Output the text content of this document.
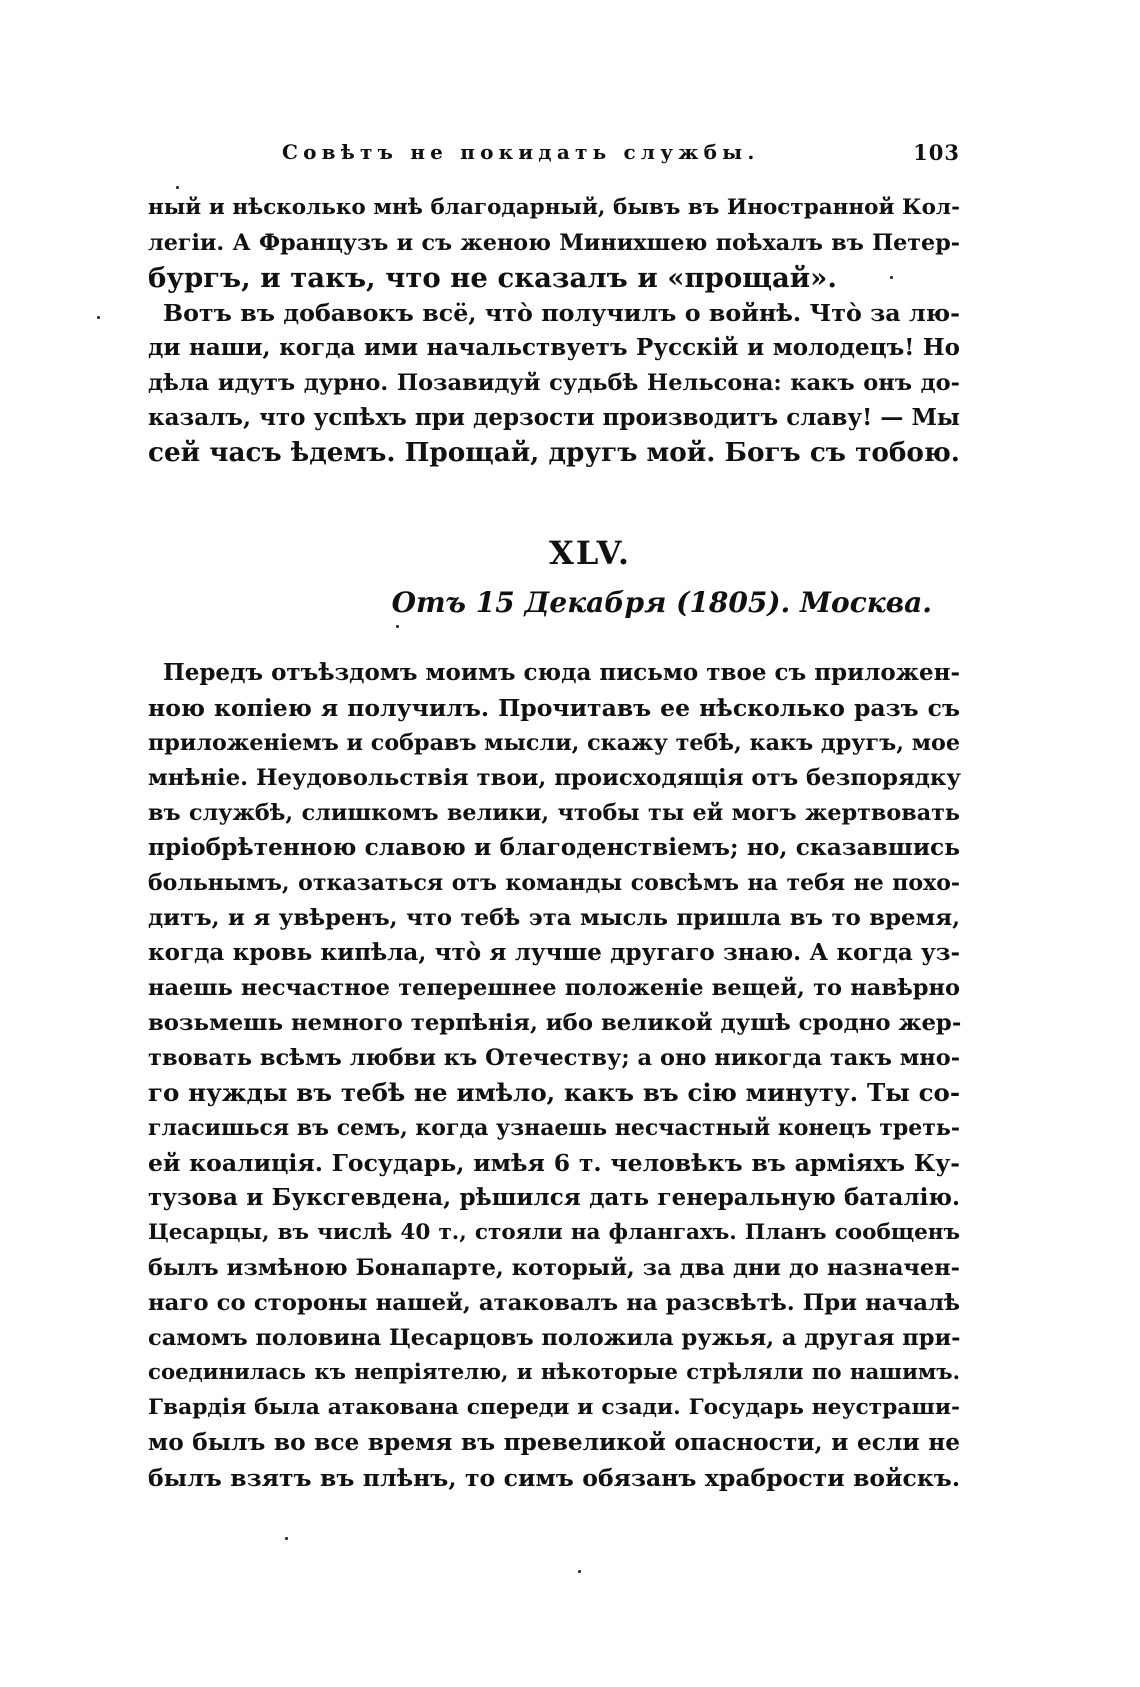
Совѣтъ не покидать службы.	103
ный и нѣсколько мнѣ благодарный, бывъ въ Иностранной Кол-
легіи. А Французъ и съ женою Минихшею поѣхалъ въ Петер-
бургъ, и такъ, что не сказалъ и «прощай».
Вотъ въ добавокъ всё, что̀ получилъ о войнѣ. Что̀ за лю-
ди наши, когда ими начальствуетъ Русскій и молодецъ! Но
дѣла идутъ дурно. Позавидуй судьбѣ Нельсона: какъ онъ до-
казалъ, что успѣхъ при дерзости производитъ славу! — Мы
сей часъ ѣдемъ. Прощай, другъ мой. Богъ съ тобою.
XLV.
Отъ 15 Декабря (1805). Москва.
Передъ отъѣздомъ моимъ сюда письмо твое съ приложен-
ною копіею я получилъ. Прочитавъ ее нѣсколько разъ съ
приложеніемъ и собравъ мысли, скажу тебѣ, какъ другъ, мое
мнѣніе. Неудовольствія твои, происходящія отъ безпорядку
въ службѣ, слишкомъ велики, чтобы ты ей могъ жертвовать
пріобрѣтенною славою и благоденствіемъ; но, сказавшись
больнымъ, отказаться отъ команды совсѣмъ на тебя не похо-
дитъ, и я увѣренъ, что тебѣ эта мысль пришла въ то время,
когда кровь кипѣла, что̀ я лучше другаго знаю. А когда уз-
наешь несчастное теперешнее положеніе вещей, то навѣрно
возьмешь немного терпѣнія, ибо великой душѣ сродно жер-
твовать всѣмъ любви къ Отечеству; а оно никогда такъ мно-
го нужды въ тебѣ не имѣло, какъ въ сію минуту. Ты со-
гласишься въ семъ, когда узнаешь несчастный конецъ треть-
ей коалиція. Государь, имѣя 6 т. человѣкъ въ арміяхъ Ку-
тузова и Буксгевдена, рѣшился дать генеральную баталію.
Цесарцы, въ числѣ 40 т., стояли на флангахъ. Планъ сообщенъ
былъ измѣною Бонапарте, который, за два дни до назначен-
наго со стороны нашей, атаковалъ на разсвѣтѣ. При началѣ
самомъ половина Цесарцовъ положила ружья, а другая при-
соединилась къ непріятелю, и нѣкоторые стрѣляли по нашимъ.
Гвардія была атакована спереди и сзади. Государь неустраши-
мо былъ во все время въ превеликой опасности, и если не
былъ взятъ въ плѣнъ, то симъ обязанъ храбрости войскъ.
